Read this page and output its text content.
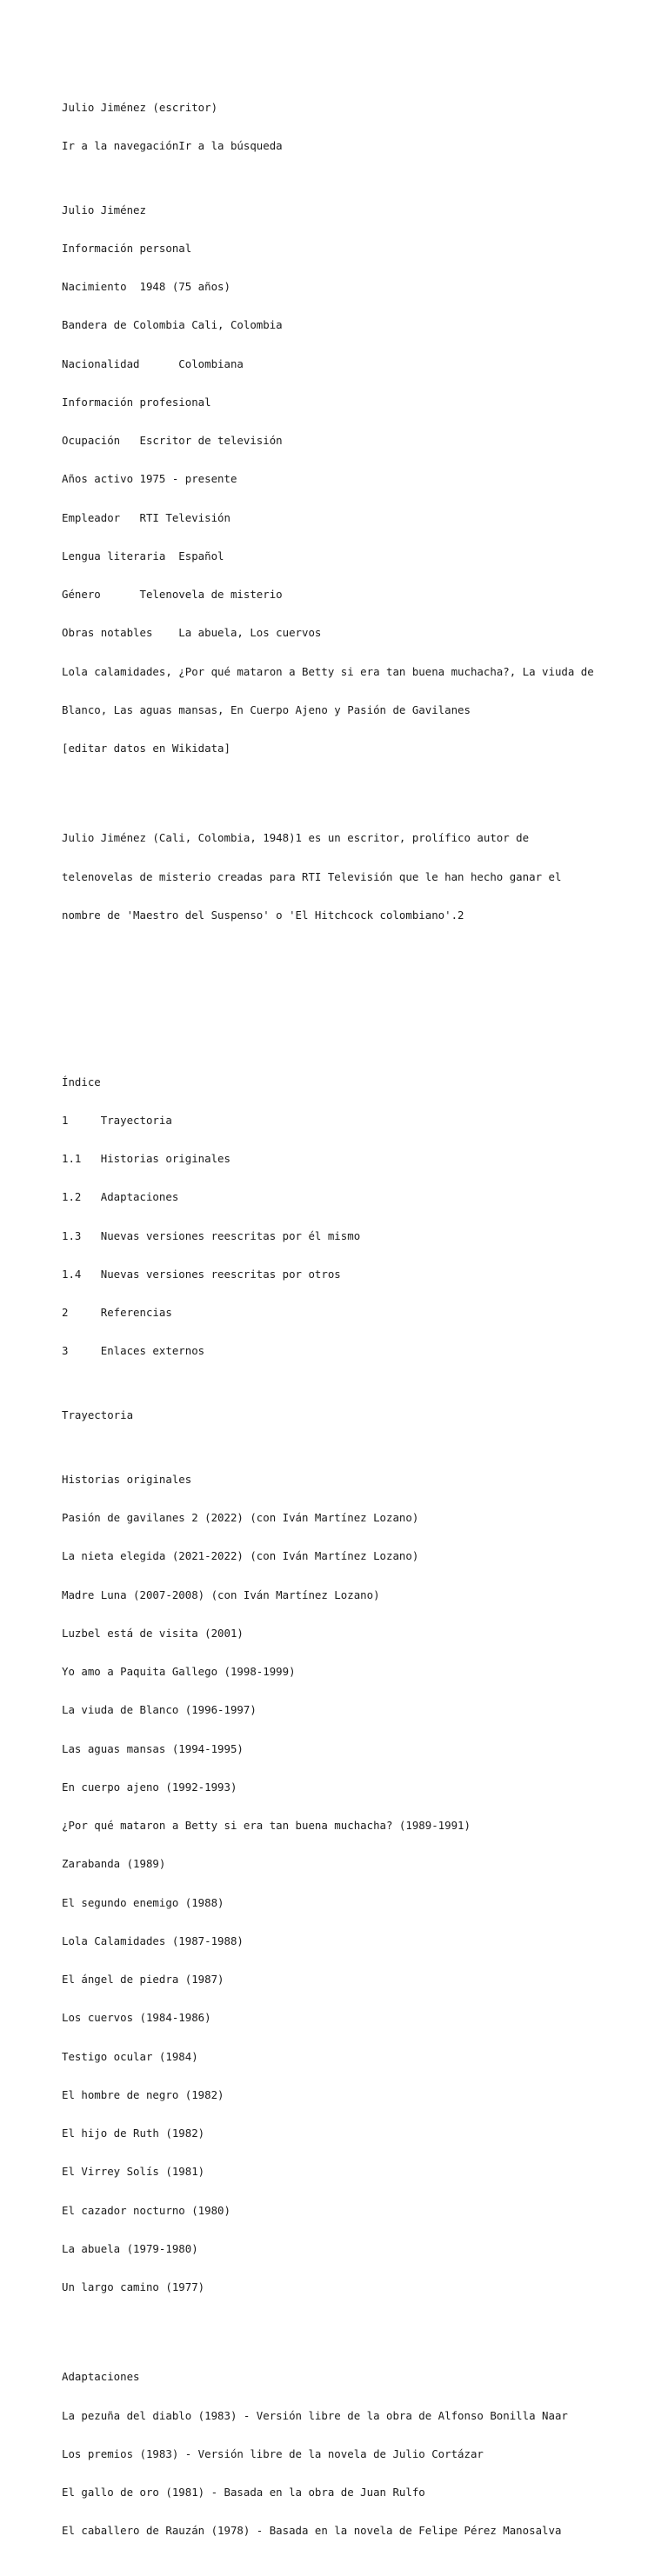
Julio Jiménez (escritor)

Ir a la navegaciónIr a la búsqueda

Julio Jiménez

Información personal

Nacimiento  1948 (75 años)

Bandera de Colombia Cali, Colombia

Nacionalidad      Colombiana

Información profesional

Ocupación   Escritor de televisión

Años activo 1975 - presente

Empleador   RTI Televisión

Lengua literaria  Español

Género      Telenovela de misterio

Obras notables    La abuela, Los cuervos

Lola calamidades, ¿Por qué mataron a Betty si era tan buena muchacha?, La viuda de

Blanco, Las aguas mansas, En Cuerpo Ajeno y Pasión de Gavilanes

[editar datos en Wikidata]

Julio Jiménez (Cali, Colombia, 1948)1 es un escritor, prolífico autor de

telenovelas de misterio creadas para RTI Televisión que le han hecho ganar el

nombre de 'Maestro del Suspenso' o 'El Hitchcock colombiano'.2

Índice

1     Trayectoria

1.1   Historias originales

1.2   Adaptaciones

1.3   Nuevas versiones reescritas por él mismo

1.4   Nuevas versiones reescritas por otros

2     Referencias

3     Enlaces externos

Trayectoria

Historias originales

Pasión de gavilanes 2 (2022) (con Iván Martínez Lozano)

La nieta elegida (2021-2022) (con Iván Martínez Lozano)

Madre Luna (2007-2008) (con Iván Martínez Lozano)

Luzbel está de visita (2001)

Yo amo a Paquita Gallego (1998-1999)

La viuda de Blanco (1996-1997)

Las aguas mansas (1994-1995)

En cuerpo ajeno (1992-1993)

¿Por qué mataron a Betty si era tan buena muchacha? (1989-1991)

Zarabanda (1989)

El segundo enemigo (1988)

Lola Calamidades (1987-1988)

El ángel de piedra (1987)

Los cuervos (1984-1986)

Testigo ocular (1984)

El hombre de negro (1982)

El hijo de Ruth (1982)

El Virrey Solís (1981)

El cazador nocturno (1980)

La abuela (1979-1980)

Un largo camino (1977)

Adaptaciones

La pezuña del diablo (1983) - Versión libre de la obra de Alfonso Bonilla Naar

Los premios (1983) - Versión libre de la novela de Julio Cortázar

El gallo de oro (1981) - Basada en la obra de Juan Rulfo

El caballero de Rauzán (1978) - Basada en la novela de Felipe Pérez Manosalva
